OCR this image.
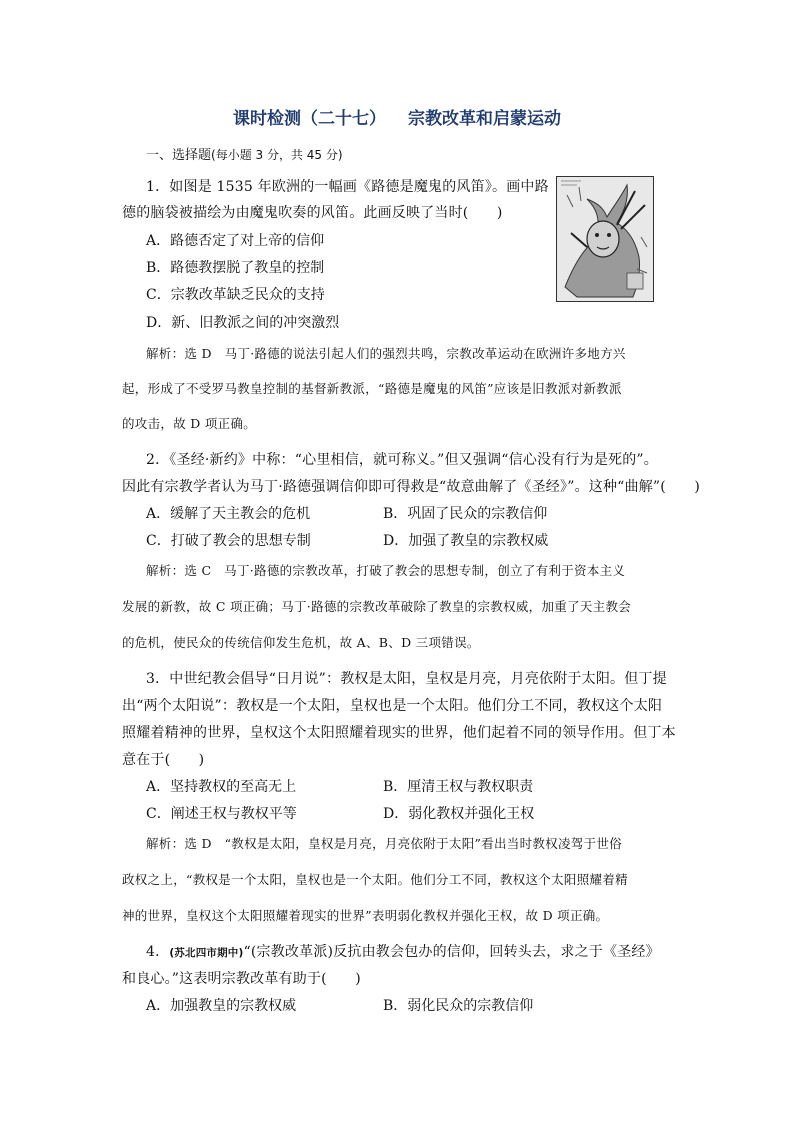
课时检测（二十七） 宗教改革和启蒙运动
一、选择题(每小题 3 分，共 45 分)

1．如图是 1535 年欧洲的一幅画《路德是魔鬼的风笛》。画中路

德的脑袋被描绘为由魔鬼吹奏的风笛。此画反映了当时(　　)

A．路德否定了对上帝的信仰

B．路德教摆脱了教皇的控制

C．宗教改革缺乏民众的支持

D．新、旧教派之间的冲突激烈

解析：选 D　马丁·路德的说法引起人们的强烈共鸣，宗教改革运动在欧洲许多地方兴

起，形成了不受罗马教皇控制的基督新教派，“路德是魔鬼的风笛”应该是旧教派对新教派

的攻击，故 D 项正确。

2．《圣经·新约》中称：“心里相信，就可称义。”但又强调“信心没有行为是死的”。

因此有宗教学者认为马丁·路德强调信仰即可得救是“故意曲解了《圣经》”。这种“曲解”(　　)

A．缓解了天主教会的危机	B．巩固了民众的宗教信仰

C．打破了教会的思想专制	D．加强了教皇的宗教权威

解析：选 C　马丁·路德的宗教改革，打破了教会的思想专制，创立了有利于资本主义

发展的新教，故 C 项正确；马丁·路德的宗教改革破除了教皇的宗教权威，加重了天主教会

的危机，使民众的传统信仰发生危机，故 A、B、D 三项错误。

3．中世纪教会倡导“日月说”：教权是太阳，皇权是月亮，月亮依附于太阳。但丁提

出“两个太阳说”：教权是一个太阳，皇权也是一个太阳。他们分工不同，教权这个太阳

照耀着精神的世界，皇权这个太阳照耀着现实的世界，他们起着不同的领导作用。但丁本

意在于(　　)

A．坚持教权的至高无上	B．厘清王权与教权职责

C．阐述王权与教权平等	D．弱化教权并强化王权

解析：选 D　“教权是太阳，皇权是月亮，月亮依附于太阳”看出当时教权凌驾于世俗

政权之上，“教权是一个太阳，皇权也是一个太阳。他们分工不同，教权这个太阳照耀着精

神的世界，皇权这个太阳照耀着现实的世界”表明弱化教权并强化王权，故 D 项正确。

4．(苏北四市期中)“(宗教改革派)反抗由教会包办的信仰，回转头去，求之于《圣经》

和良心。”这表明宗教改革有助于(　　)

A．加强教皇的宗教权威	B．弱化民众的宗教信仰
